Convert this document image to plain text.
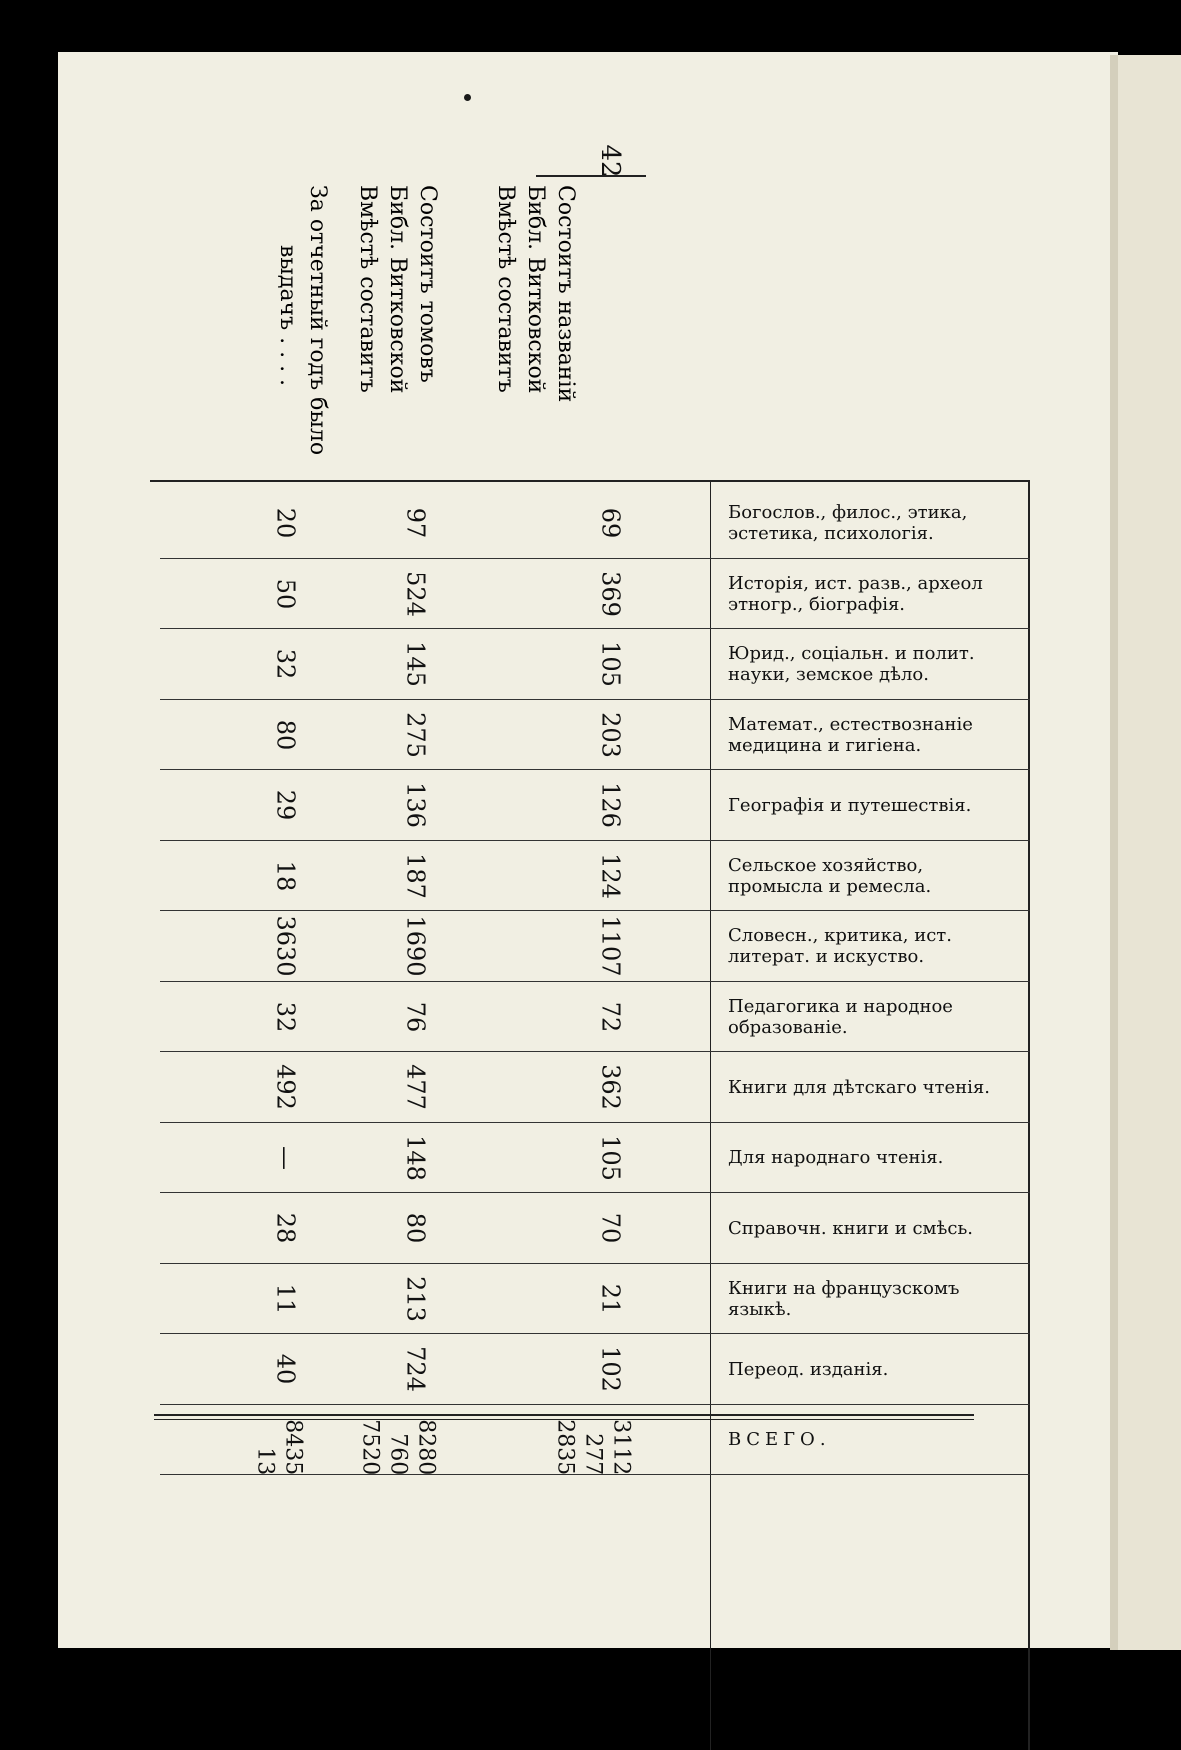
42
Богослов., филос., этика, эстетика, психологія.
69
97
20
Исторія, ист. разв., археол этногр., біографія.
369
524
50
Юрид., соціальн. и полит. науки, земское дѣло.
105
145
32
Математ., естествознаніе медицина и гигіена.
203
275
80
Географія и путешествія.
126
136
29
Сельское хозяйство, промысла и ремесла.
124
187
18
Словесн., критика, ист. литерат. и искуство.
1107
1690
3630
Педагогика и народное образованіе.
72
76
32
Книги для дѣтскаго чтенія.
362
477
492
Для народнаго чтенія.
105
148
—
Справочн. книги и смѣсь.
70
80
28
Книги на французскомъ языкѣ.
21
213
11
Переод. изданія.
102
724
40
ВСЕГО.
2835 277 3112
7520 760 8280
13 8435
Состоитъ названій
Библ. Витковской
Вмѣстѣ составитъ
Состоитъ томовъ
Библ. Витковской
Вмѣстѣ составитъ
За отчетный годъ было
выдачъ . . . .
